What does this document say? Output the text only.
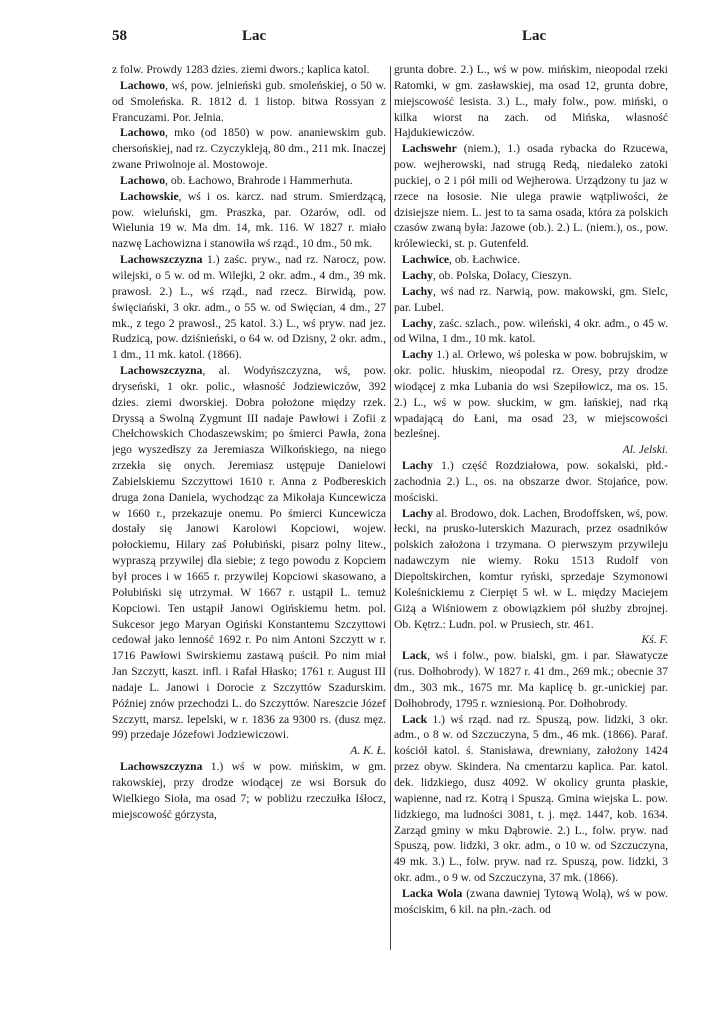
58	Lac	Lac

z folw. Prowdy 1283 dzies. ziemi dwors.; kaplica katol.

Lachowo, wś, pow. jelnieński gub. smoleńskiej, o 50 w. od Smoleńska. R. 1812 d. 1 listop. bitwa Rossyan z Francuzami. Por. Jelnia.

Lachowo, mko (od 1850) w pow. ananiewskim gub. chersońskiej, nad rz. Czyczykleją, 80 dm., 211 mk. Inaczej zwane Priwolnoje al. Mostowoje.

Lachowo, ob. Łachowo, Brahrode i Hammerhuta.

Lachowskie, wś i os. karcz. nad strum. Smierdzącą, pow. wieluński, gm. Praszka, par. Ożarów, odl. od Wielunia 19 w. Ma dm. 14, mk. 116. W 1827 r. miało nazwę Lachowizna i stanowiła wś rząd., 10 dm., 50 mk.

Lachowszczyzna 1.) zaśc. pryw., nad rz. Narocz, pow. wilejski, o 5 w. od m. Wilejki, 2 okr. adm., 4 dm., 39 mk. prawosł. 2.) L., wś rząd., nad rzecz. Birwidą, pow. święciański, 3 okr. adm., o 55 w. od Swięcian, 4 dm., 27 mk., z tego 2 prawosł., 25 katol. 3.) L., wś pryw. nad jez. Rudzicą, pow. dziśnieński, o 64 w. od Dzisny, 2 okr. adm., 1 dm., 11 mk. katol. (1866).

Lachowszczyzna, al. Wodyńszczyzna, wś, pow. dryseński, 1 okr. polic., własność Jodziewiczów, 392 dzies. ziemi dworskiej. Dobra położone między rzek. Dryssą a Swolną Zygmunt III nadaje Pawłowi i Zofii z Chełchowskich Chodaszewskim; po śmierci Pawła, żona jego wyszedłszy za Jeremiasza Wilkońskiego, na niego zrzekła się onych. Jeremiasz ustępuje Danielowi Zabielskiemu Szczyttowi 1610 r. Anna z Podbereskich druga żona Daniela, wychodząc za Mikołaja Kuncewicza w 1660 r., przekazuje onemu. Po śmierci Kuncewicza dostały się Janowi Karolowi Kopciowi, wojew. połockiemu, Hilary zaś Połubiński, pisarz polny litew., wypraszą przywilej dla siebie; z tego powodu z Kopciem był proces i w 1665 r. przywilej Kopciowi skasowano, a Połubiński się utrzymał. W 1667 r. ustąpił L. temuż Kopciowi. Ten ustąpił Janowi Ogińskiemu hetm. pol. Sukcesor jego Maryan Ogiński Konstantemu Szczyttowi cedował jako lenność 1692 r. Po nim Antoni Szczytt w r. 1716 Pawłowi Swirskiemu zastawą puścił. Po nim miał Jan Szczytt, kaszt. infl. i Rafał Hłasko; 1761 r. August III nadaje L. Janowi i Dorocie z Szczyttów Szadurskim. Później znów przechodzi L. do Szczyttów. Nareszcie Józef Szczytt, marsz. lepelski, w r. 1836 za 9300 rs. (dusz męz. 99) przedaje Józefowi Jodziewiczowi.

A. K. Ł.

Lachowszczyzna 1.) wś w pow. mińskim, w gm. rakowskiej, przy drodze wiodącej ze wsi Borsuk do Wielkiego Sioła, ma osad 7; w pobliżu rzeczułka Iśłocz, miejscowość górzysta,

grunta dobre. 2.) L., wś w pow. mińskim, nieopodal rzeki Ratomki, w gm. zasławskiej, ma osad 12, grunta dobre, miejscowość lesista. 3.) L., mały folw., pow. miński, o kilka wiorst na zach. od Mińska, własność Hajdukiewiczów.

Lachswehr (niem.), 1.) osada rybacka do Rzucewa, pow. wejherowski, nad strugą Redą, niedaleko zatoki puckiej, o 2 i pół mili od Wejherowa. Urządzony tu jaz w rzece na łososie. Nie ulega prawie wątpliwości, że dzisiejsze niem. L. jest to ta sama osada, która za polskich czasów zwaną była: Jazowe (ob.). 2.) L. (niem.), os., pow. królewiecki, st. p. Gutenfeld.

Lachwice, ob. Łachwice.

Lachy, ob. Polska, Dolacy, Cieszyn.

Lachy, wś nad rz. Narwią, pow. makowski, gm. Sielc, par. Lubel.

Lachy, zaśc. szlach., pow. wileński, 4 okr. adm., o 45 w. od Wilna, 1 dm., 10 mk. katol.

Lachy 1.) al. Orlewo, wś poleska w pow. bobrujskim, w okr. polic. hłuskim, nieopodal rz. Oresy, przy drodze wiodącej z mka Lubania do wsi Szepiłowicz, ma os. 15. 2.) L., wś w pow. słuckim, w gm. łańskiej, nad rką wpadającą do Łani, ma osad 23, w miejscowości bezleśnej.

Al. Jelski.

Lachy 1.) część Rozdziałowa, pow. sokalski, płd.-zachodnia 2.) L., os. na obszarze dwor. Stojańce, pow. mościski.

Lachy al. Brodowo, dok. Lachen, Brodoffsken, wś, pow. łecki, na prusko-luterskich Mazurach, przez osadników polskich założona i trzymana. O pierwszym przywileju nadawczym nie wiemy. Roku 1513 Rudolf von Diepoltskirchen, komtur ryński, sprzedaje Szymonowi Koleśnickiemu z Cierpięt 5 wł. w L. między Maciejem Giżą a Wiśniowem z obowiązkiem pół służby zbrojnej. Ob. Kętrz.: Ludn. pol. w Prusiech, str. 461.

Kś. F.

Lack, wś i folw., pow. bialski, gm. i par. Sławatycze (rus. Dołhobrody). W 1827 r. 41 dm., 269 mk.; obecnie 37 dm., 303 mk., 1675 mr. Ma kaplicę b. gr.-unickiej par. Dołhobrody, 1795 r. wzniesioną. Por. Dołhobrody.

Lack 1.) wś rząd. nad rz. Spuszą, pow. lidzki, 3 okr. adm., o 8 w. od Szczuczyna, 5 dm., 46 mk. (1866). Paraf. kościół katol. ś. Stanisława, drewniany, założony 1424 przez obyw. Skindera. Na cmentarzu kaplica. Par. katol. dek. lidzkiego, dusz 4092. W okolicy grunta płaskie, wapienne, nad rz. Kotrą i Spuszą. Gmina wiejska L. pow. lidzkiego, ma ludności 3081, t. j. męż. 1447, kob. 1634. Zarząd gminy w mku Dąbrowie. 2.) L., folw. pryw. nad Spuszą, pow. lidzki, 3 okr. adm., o 10 w. od Szczuczyna, 49 mk. 3.) L., folw. pryw. nad rz. Spuszą, pow. lidzki, 3 okr. adm., o 9 w. od Szczuczyna, 37 mk. (1866).

Lacka Wola (zwana dawniej Tytową Wolą), wś w pow. mościskim, 6 kil. na płn.-zach. od
